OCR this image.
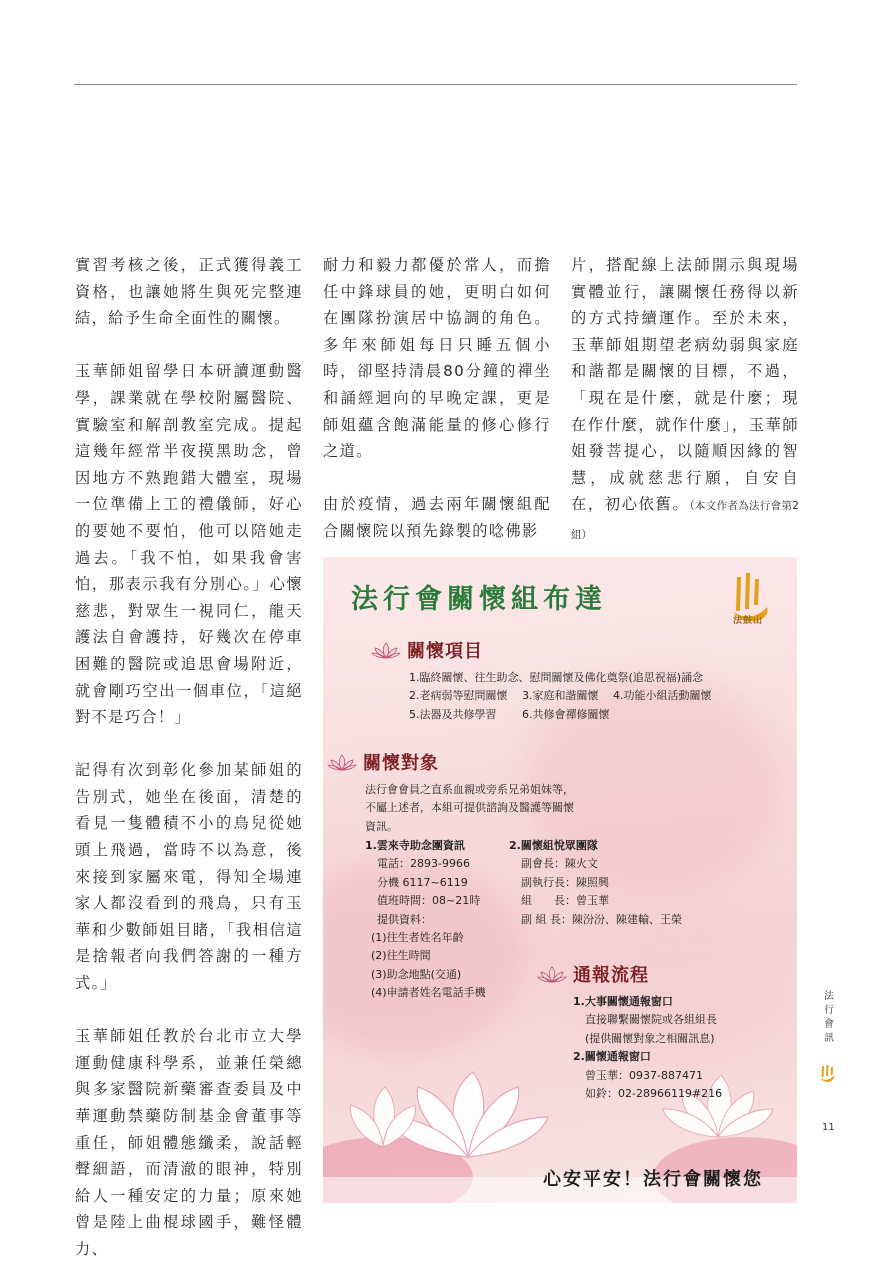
實習考核之後，正式獲得義工資格，也讓她將生與死完整連結，給予生命全面性的關懷。

玉華師姐留學日本研讀運動醫學，課業就在學校附屬醫院、實驗室和解剖教室完成。提起這幾年經常半夜摸黑助念，曾因地方不熟跑錯大體室，現場一位準備上工的禮儀師，好心的要她不要怕，他可以陪她走過去。「我不怕，如果我會害怕，那表示我有分別心。」心懷慈悲，對眾生一視同仁，龍天護法自會護持，好幾次在停車困難的醫院或追思會場附近，就會剛巧空出一個車位，「這絕對不是巧合！」

記得有次到彰化參加某師姐的告別式，她坐在後面，清楚的看見一隻體積不小的鳥兒從她頭上飛過，當時不以為意，後來接到家屬來電，得知全場連家人都沒看到的飛鳥，只有玉華和少數師姐目睹，「我相信這是捨報者向我們答謝的一種方式。」

玉華師姐任教於台北市立大學運動健康科學系，並兼任榮總與多家醫院新藥審查委員及中華運動禁藥防制基金會董事等重任，師姐體態纖柔，說話輕聲細語，而清澈的眼神，特別給人一種安定的力量；原來她曾是陸上曲棍球國手，難怪體力、

耐力和毅力都優於常人，而擔任中鋒球員的她，更明白如何在團隊扮演居中協調的角色。多年來師姐每日只睡五個小時，卻堅持清晨80分鐘的禪坐和誦經迴向的早晚定課，更是師姐蘊含飽滿能量的修心修行之道。

由於疫情，過去兩年關懷組配合關懷院以預先錄製的唸佛影

片，搭配線上法師開示與現場實體並行，讓關懷任務得以新的方式持續運作。至於未來，玉華師姐期望老病幼弱與家庭和諧都是關懷的目標，不過，「現在是什麼，就是什麼；現在作什麼，就作什麼」，玉華師姐發菩提心，以隨順因緣的智慧，成就慈悲行願，自安自在，初心依舊。（本文作者為法行會第2組）

法行會關懷組布達
法鼓山
關懷項目

1.臨終關懷、往生助念、慰問關懷及佛化奠祭(追思祝福)誦念

2.老病弱等慰問關懷　 3.家庭和諧關懷　 4.功能小組活動關懷

5.法器及共修學習　　 6.共修會禪修關懷

關懷對象

法行會會員之直系血親或旁系兄弟姐妹等，

不屬上述者，本組可提供諮詢及醫護等關懷

資訊。

1.雲來寺助念團資訊

電話：2893-9966

分機 6117~6119

值班時間：08~21時

提供資料：

(1)往生者姓名年齡

(2)往生時間

(3)助念地點(交通)

(4)申請者姓名電話手機

2.關懷組悅眾團隊

副會長：陳火文

副執行長：陳照興

組　　長：曾玉華

副 組 長：陳汾汾、陳建輸、王榮

通報流程

1.大事關懷通報窗口

直接聯繫關懷院或各組組長

(提供關懷對象之相關訊息)

2.關懷通報窗口

曾玉華：0937-887471

如鈴：02-28966119#216

心安平安！法行會關懷您
法
行
會
訊
11
